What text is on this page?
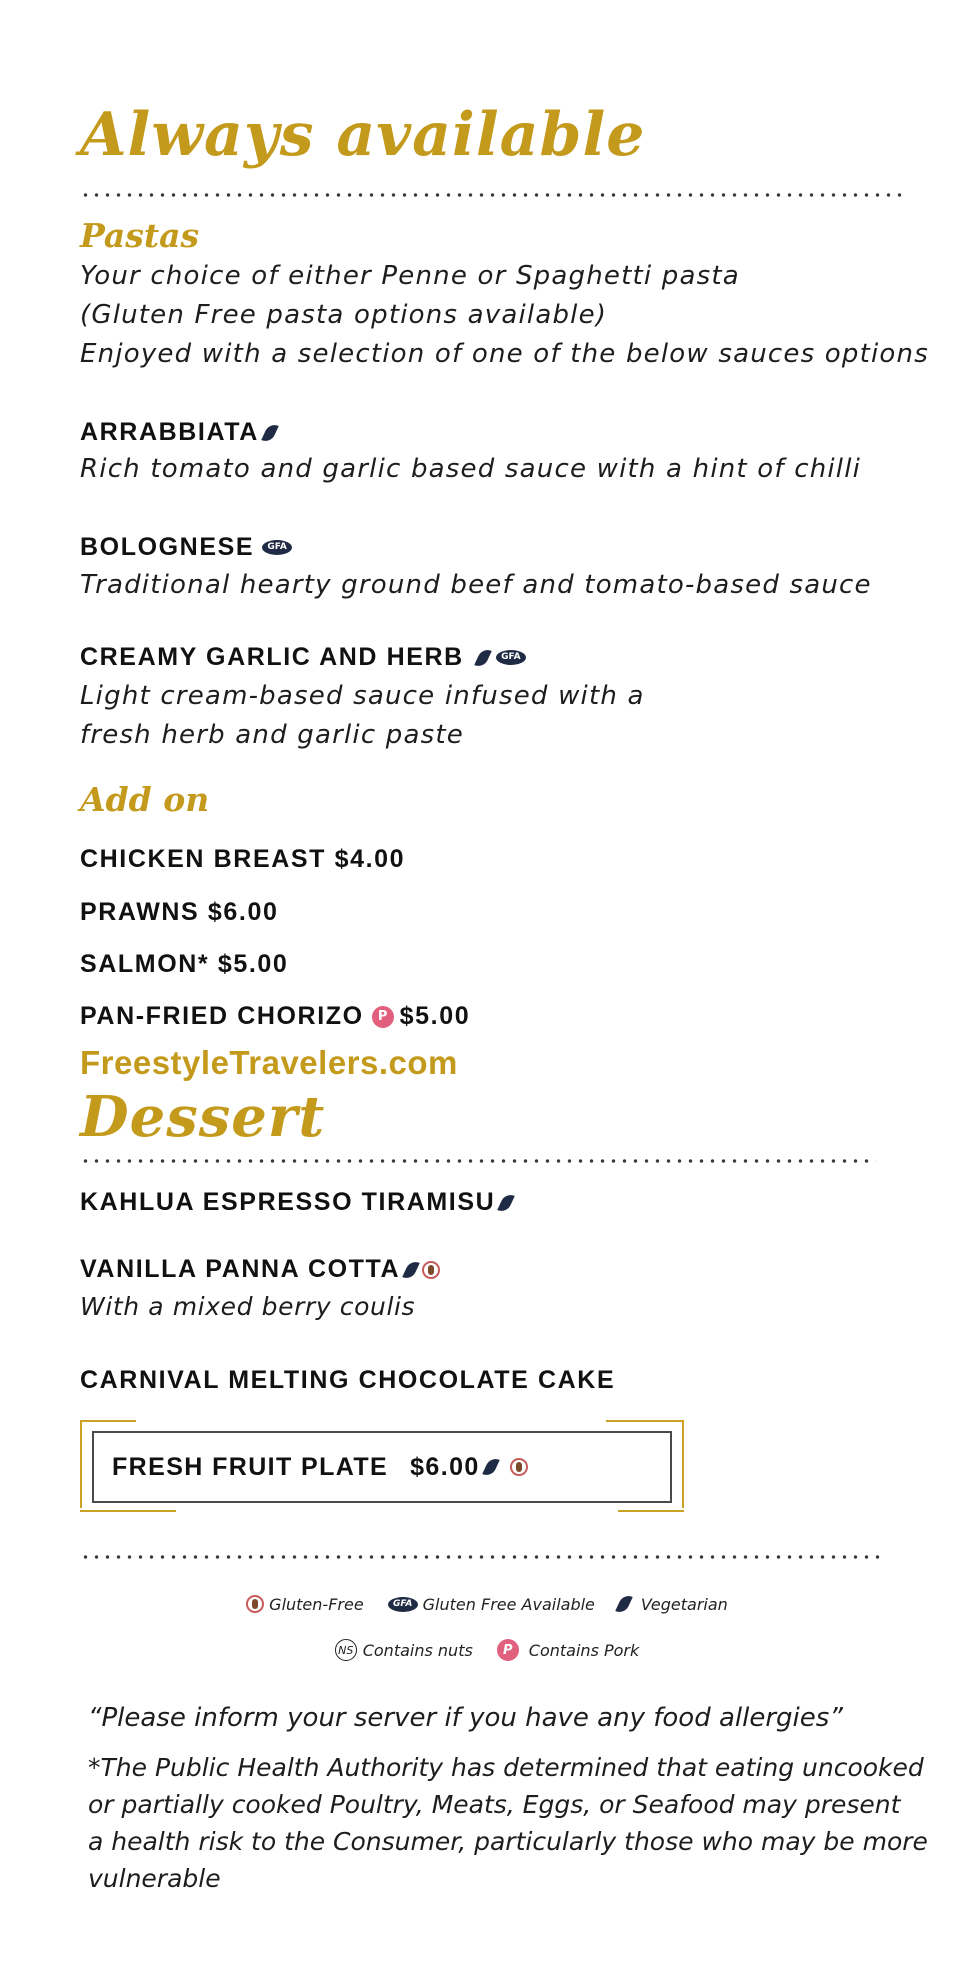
Always available
Pastas

Your choice of either Penne or Spaghetti pasta

(Gluten Free pasta options available)

Enjoyed with a selection of one of the below sauces options

ARRABBIATA

Rich tomato and garlic based sauce with a hint of chilli

BOLOGNESE	GFA

Traditional hearty ground beef and tomato-based sauce

CREAMY GARLIC AND HERB	GFA

Light cream-based sauce infused with a

fresh herb and garlic paste

Add on
CHICKEN BREAST
$4.00
PRAWNS
$6.00
SALMON*
$5.00
PAN-FRIED CHORIZO	P $5.00
FreestyleTravelers.com
Dessert
KAHLUA ESPRESSO TIRAMISU
VANILLA PANNA COTTA

With a mixed berry coulis

CARNIVAL MELTING CHOCOLATE CAKE
FRESH FRUIT PLATE $6.00
Gluten-Free	GFA Gluten Free Available	Vegetarian
NS Contains nuts	P	Contains Pork

“Please inform your server if you have any food allergies”

*The Public Health Authority has determined that eating uncooked

or partially cooked Poultry, Meats, Eggs, or Seafood may present

a health risk to the Consumer, particularly those who may be more

vulnerable
